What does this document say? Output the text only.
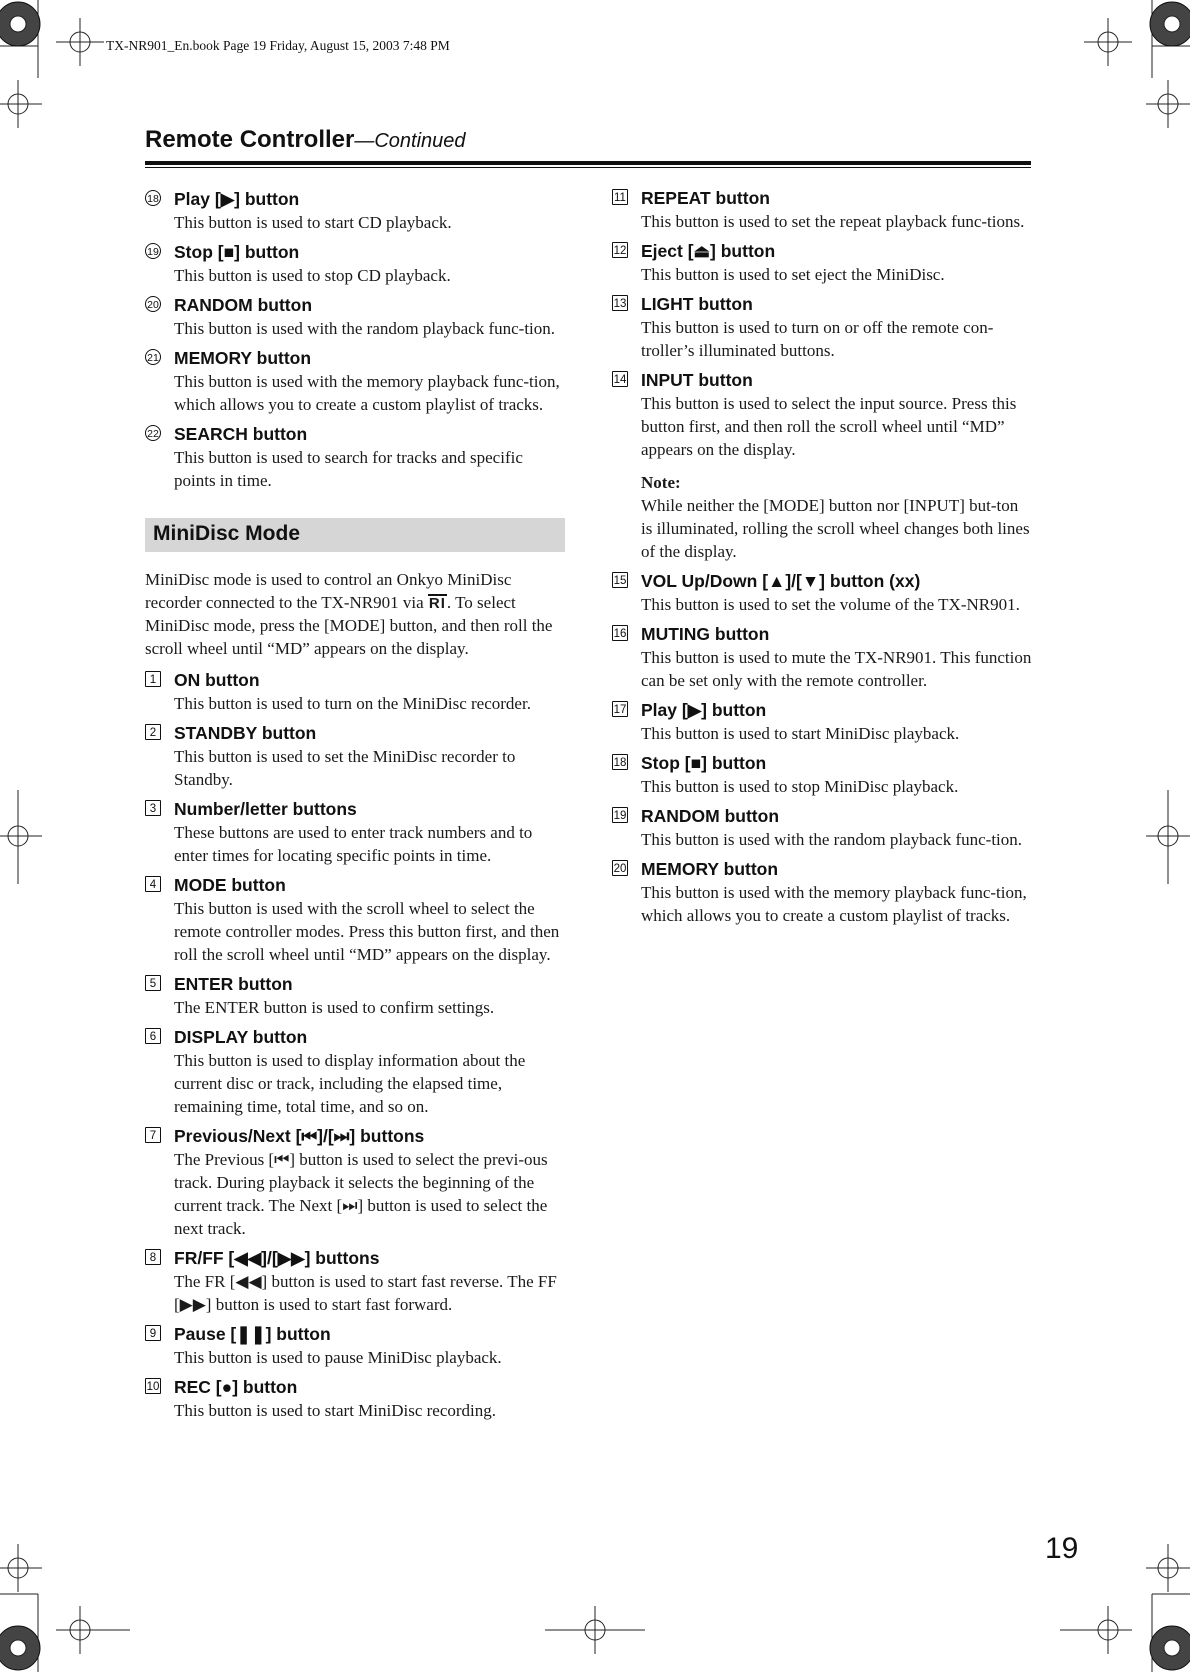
TX-NR901_En.book Page 19 Friday, August 15, 2003 7:48 PM
Remote Controller—Continued
18 Play [▶] button
This button is used to start CD playback.
19 Stop [■] button
This button is used to stop CD playback.
20 RANDOM button
This button is used with the random playback func-tion.
21 MEMORY button
This button is used with the memory playback func-tion, which allows you to create a custom playlist of tracks.
22 SEARCH button
This button is used to search for tracks and specific points in time.
MiniDisc Mode
MiniDisc mode is used to control an Onkyo MiniDisc recorder connected to the TX-NR901 via RI. To select MiniDisc mode, press the [MODE] button, and then roll the scroll wheel until “MD” appears on the display.
1 ON button
This button is used to turn on the MiniDisc recorder.
2 STANDBY button
This button is used to set the MiniDisc recorder to Standby.
3 Number/letter buttons
These buttons are used to enter track numbers and to enter times for locating specific points in time.
4 MODE button
This button is used with the scroll wheel to select the remote controller modes. Press this button first, and then roll the scroll wheel until “MD” appears on the display.
5 ENTER button
The ENTER button is used to confirm settings.
6 DISPLAY button
This button is used to display information about the current disc or track, including the elapsed time, remaining time, total time, and so on.
7 Previous/Next [⏮]/[⏭] buttons
The Previous [⏮] button is used to select the previ-ous track. During playback it selects the beginning of the current track. The Next [⏭] button is used to select the next track.
8 FR/FF [◀◀]/[▶▶] buttons
The FR [◀◀] button is used to start fast reverse. The FF [▶▶] button is used to start fast forward.
9 Pause [❚❚] button
This button is used to pause MiniDisc playback.
10 REC [●] button
This button is used to start MiniDisc recording.
11 REPEAT button
This button is used to set the repeat playback func-tions.
12 Eject [⏏] button
This button is used to set eject the MiniDisc.
13 LIGHT button
This button is used to turn on or off the remote con-troller’s illuminated buttons.
14 INPUT button
This button is used to select the input source. Press this button first, and then roll the scroll wheel until “MD” appears on the display.
Note:
While neither the [MODE] button nor [INPUT] but-ton is illuminated, rolling the scroll wheel changes both lines of the display.
15 VOL Up/Down [▲]/[▼] button (xx)
This button is used to set the volume of the TX-NR901.
16 MUTING button
This button is used to mute the TX-NR901. This function can be set only with the remote controller.
17 Play [▶] button
This button is used to start MiniDisc playback.
18 Stop [■] button
This button is used to stop MiniDisc playback.
19 RANDOM button
This button is used with the random playback func-tion.
20 MEMORY button
This button is used with the memory playback func-tion, which allows you to create a custom playlist of tracks.
19
